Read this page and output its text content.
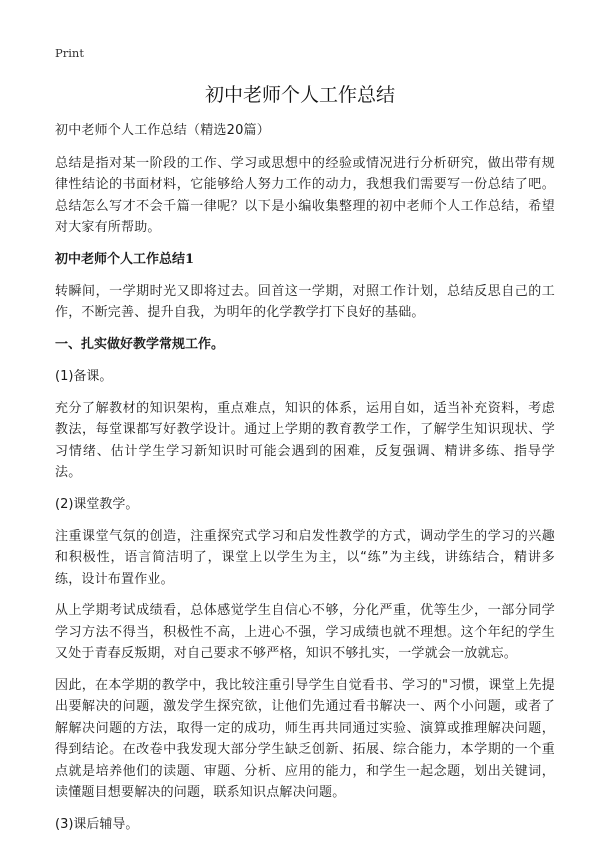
Print
初中老师个人工作总结

初中老师个人工作总结（精选20篇）

总结是指对某一阶段的工作、学习或思想中的经验或情况进行分析研究，做出带有规律性结论的书面材料，它能够给人努力工作的动力，我想我们需要写一份总结了吧。总结怎么写才不会千篇一律呢？以下是小编收集整理的初中老师个人工作总结，希望对大家有所帮助。

初中老师个人工作总结1

转瞬间，一学期时光又即将过去。回首这一学期，对照工作计划，总结反思自己的工作，不断完善、提升自我，为明年的化学教学打下良好的基础。

一、扎实做好教学常规工作。
(1)备课。

充分了解教材的知识架构，重点难点，知识的体系，运用自如，适当补充资料，考虑教法，每堂课都写好教学设计。通过上学期的教育教学工作，了解学生知识现状、学习情绪、估计学生学习新知识时可能会遇到的困难，反复强调、精讲多练、指导学法。

(2)课堂教学。

注重课堂气氛的创造，注重探究式学习和启发性教学的方式，调动学生的学习的兴趣和积极性，语言简洁明了，课堂上以学生为主，以“练”为主线，讲练结合，精讲多练，设计布置作业。

从上学期考试成绩看，总体感觉学生自信心不够，分化严重，优等生少，一部分同学学习方法不得当，积极性不高，上进心不强，学习成绩也就不理想。这个年纪的学生又处于青春反叛期，对自己要求不够严格，知识不够扎实，一学就会一放就忘。

因此，在本学期的教学中，我比较注重引导学生自觉看书、学习的"习惯，课堂上先提出要解决的问题，激发学生探究欲，让他们先通过看书解决一、两个小问题，或者了解解决问题的方法，取得一定的成功，师生再共同通过实验、演算或推理解决问题，得到结论。在改卷中我发现大部分学生缺乏创新、拓展、综合能力，本学期的一个重点就是培养他们的读题、审题、分析、应用的能力，和学生一起念题，划出关键词，读懂题目想要解决的问题，联系知识点解决问题。

(3)课后辅导。
